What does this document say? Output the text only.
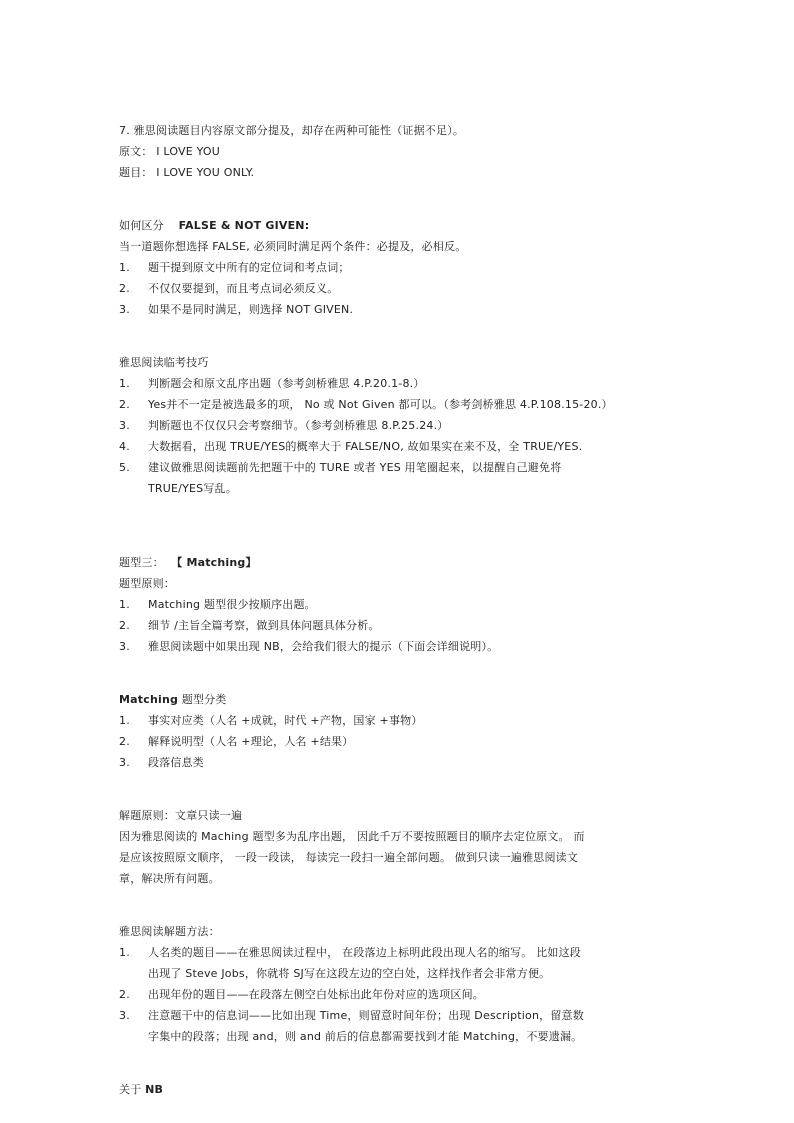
7. 雅思阅读题目内容原文部分提及，却存在两种可能性（证据不足）。
原文： I LOVE YOU
题目： I LOVE YOU ONLY.
如何区分 FALSE & NOT GIVEN:
当一道题你想选择 FALSE, 必须同时满足两个条件：必提及，必相反。
1. 题干提到原文中所有的定位词和考点词；
2. 不仅仅要提到，而且考点词必须反义。
3. 如果不是同时满足，则选择 NOT GIVEN.
雅思阅读临考技巧
1. 判断题会和原文乱序出题（参考剑桥雅思 4.P.20.1-8.）
2. Yes并不一定是被选最多的项， No 或 Not Given 都可以。（参考剑桥雅思 4.P.108.15-20.）
3. 判断题也不仅仅只会考察细节。（参考剑桥雅思 8.P.25.24.）
4. 大数据看，出现 TRUE/YES的概率大于 FALSE/NO, 故如果实在来不及，全 TRUE/YES.
5. 建议做雅思阅读题前先把题干中的 TURE 或者 YES 用笔圈起来，以提醒自己避免将
TRUE/YES写乱。
题型三： 【 Matching】
题型原则：
1. Matching 题型很少按顺序出题。
2. 细节 /主旨全篇考察，做到具体问题具体分析。
3. 雅思阅读题中如果出现 NB，会给我们很大的提示（下面会详细说明）。
Matching 题型分类
1. 事实对应类（人名 +成就，时代 +产物，国家 +事物）
2. 解释说明型（人名 +理论，人名 +结果）
3. 段落信息类
解题原则：文章只读一遍
因为雅思阅读的 Maching 题型多为乱序出题， 因此千万不要按照题目的顺序去定位原文。 而
是应该按照原文顺序， 一段一段读， 每读完一段扫一遍全部问题。 做到只读一遍雅思阅读文
章，解决所有问题。
雅思阅读解题方法：
1. 人名类的题目——在雅思阅读过程中， 在段落边上标明此段出现人名的缩写。 比如这段
出现了 Steve Jobs，你就将 SJ写在这段左边的空白处，这样找作者会非常方便。
2. 出现年份的题目——在段落左侧空白处标出此年份对应的选项区间。
3. 注意题干中的信息词——比如出现 Time，则留意时间年份；出现 Description，留意数
字集中的段落；出现 and，则 and 前后的信息都需要找到才能 Matching，不要遗漏。
关于 NB
